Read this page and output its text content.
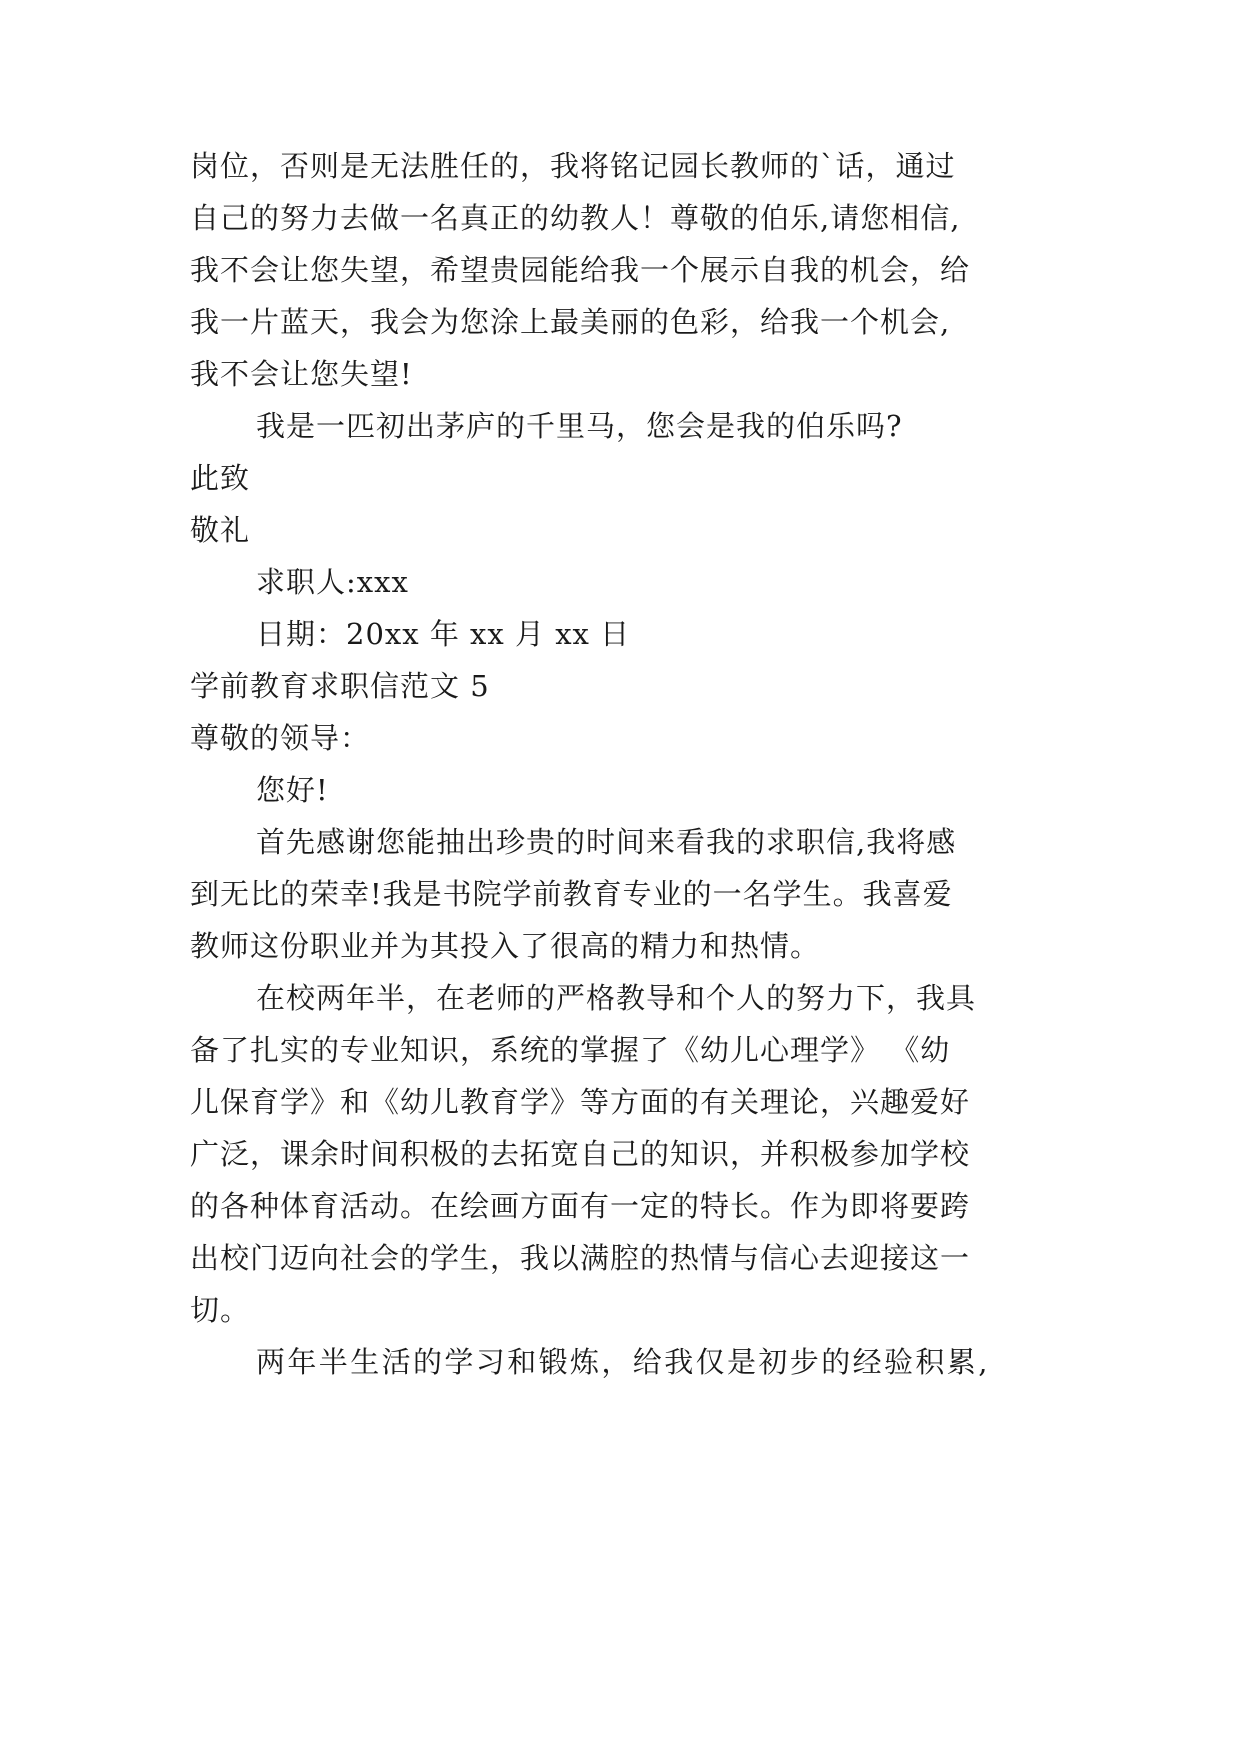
岗位，否则是无法胜任的，我将铭记园长教师的`话，通过
自己的努力去做一名真正的幼教人！尊敬的伯乐,请您相信,
我不会让您失望，希望贵园能给我一个展示自我的机会，给
我一片蓝天，我会为您涂上最美丽的色彩，给我一个机会,
我不会让您失望!
我是一匹初出茅庐的千里马，您会是我的伯乐吗?
此致
敬礼
求职人:xxx
日期：20xx 年 xx 月 xx 日
学前教育求职信范文 5
尊敬的领导：
您好!
首先感谢您能抽出珍贵的时间来看我的求职信,我将感
到无比的荣幸!我是书院学前教育专业的一名学生。我喜爱
教师这份职业并为其投入了很高的精力和热情。
在校两年半，在老师的严格教导和个人的努力下，我具
备了扎实的专业知识，系统的掌握了《幼儿心理学》 《幼
儿保育学》和《幼儿教育学》等方面的有关理论，兴趣爱好
广泛，课余时间积极的去拓宽自己的知识，并积极参加学校
的各种体育活动。在绘画方面有一定的特长。作为即将要跨
出校门迈向社会的学生，我以满腔的热情与信心去迎接这一
切。
两年半生活的学习和锻炼，给我仅是初步的经验积累,
